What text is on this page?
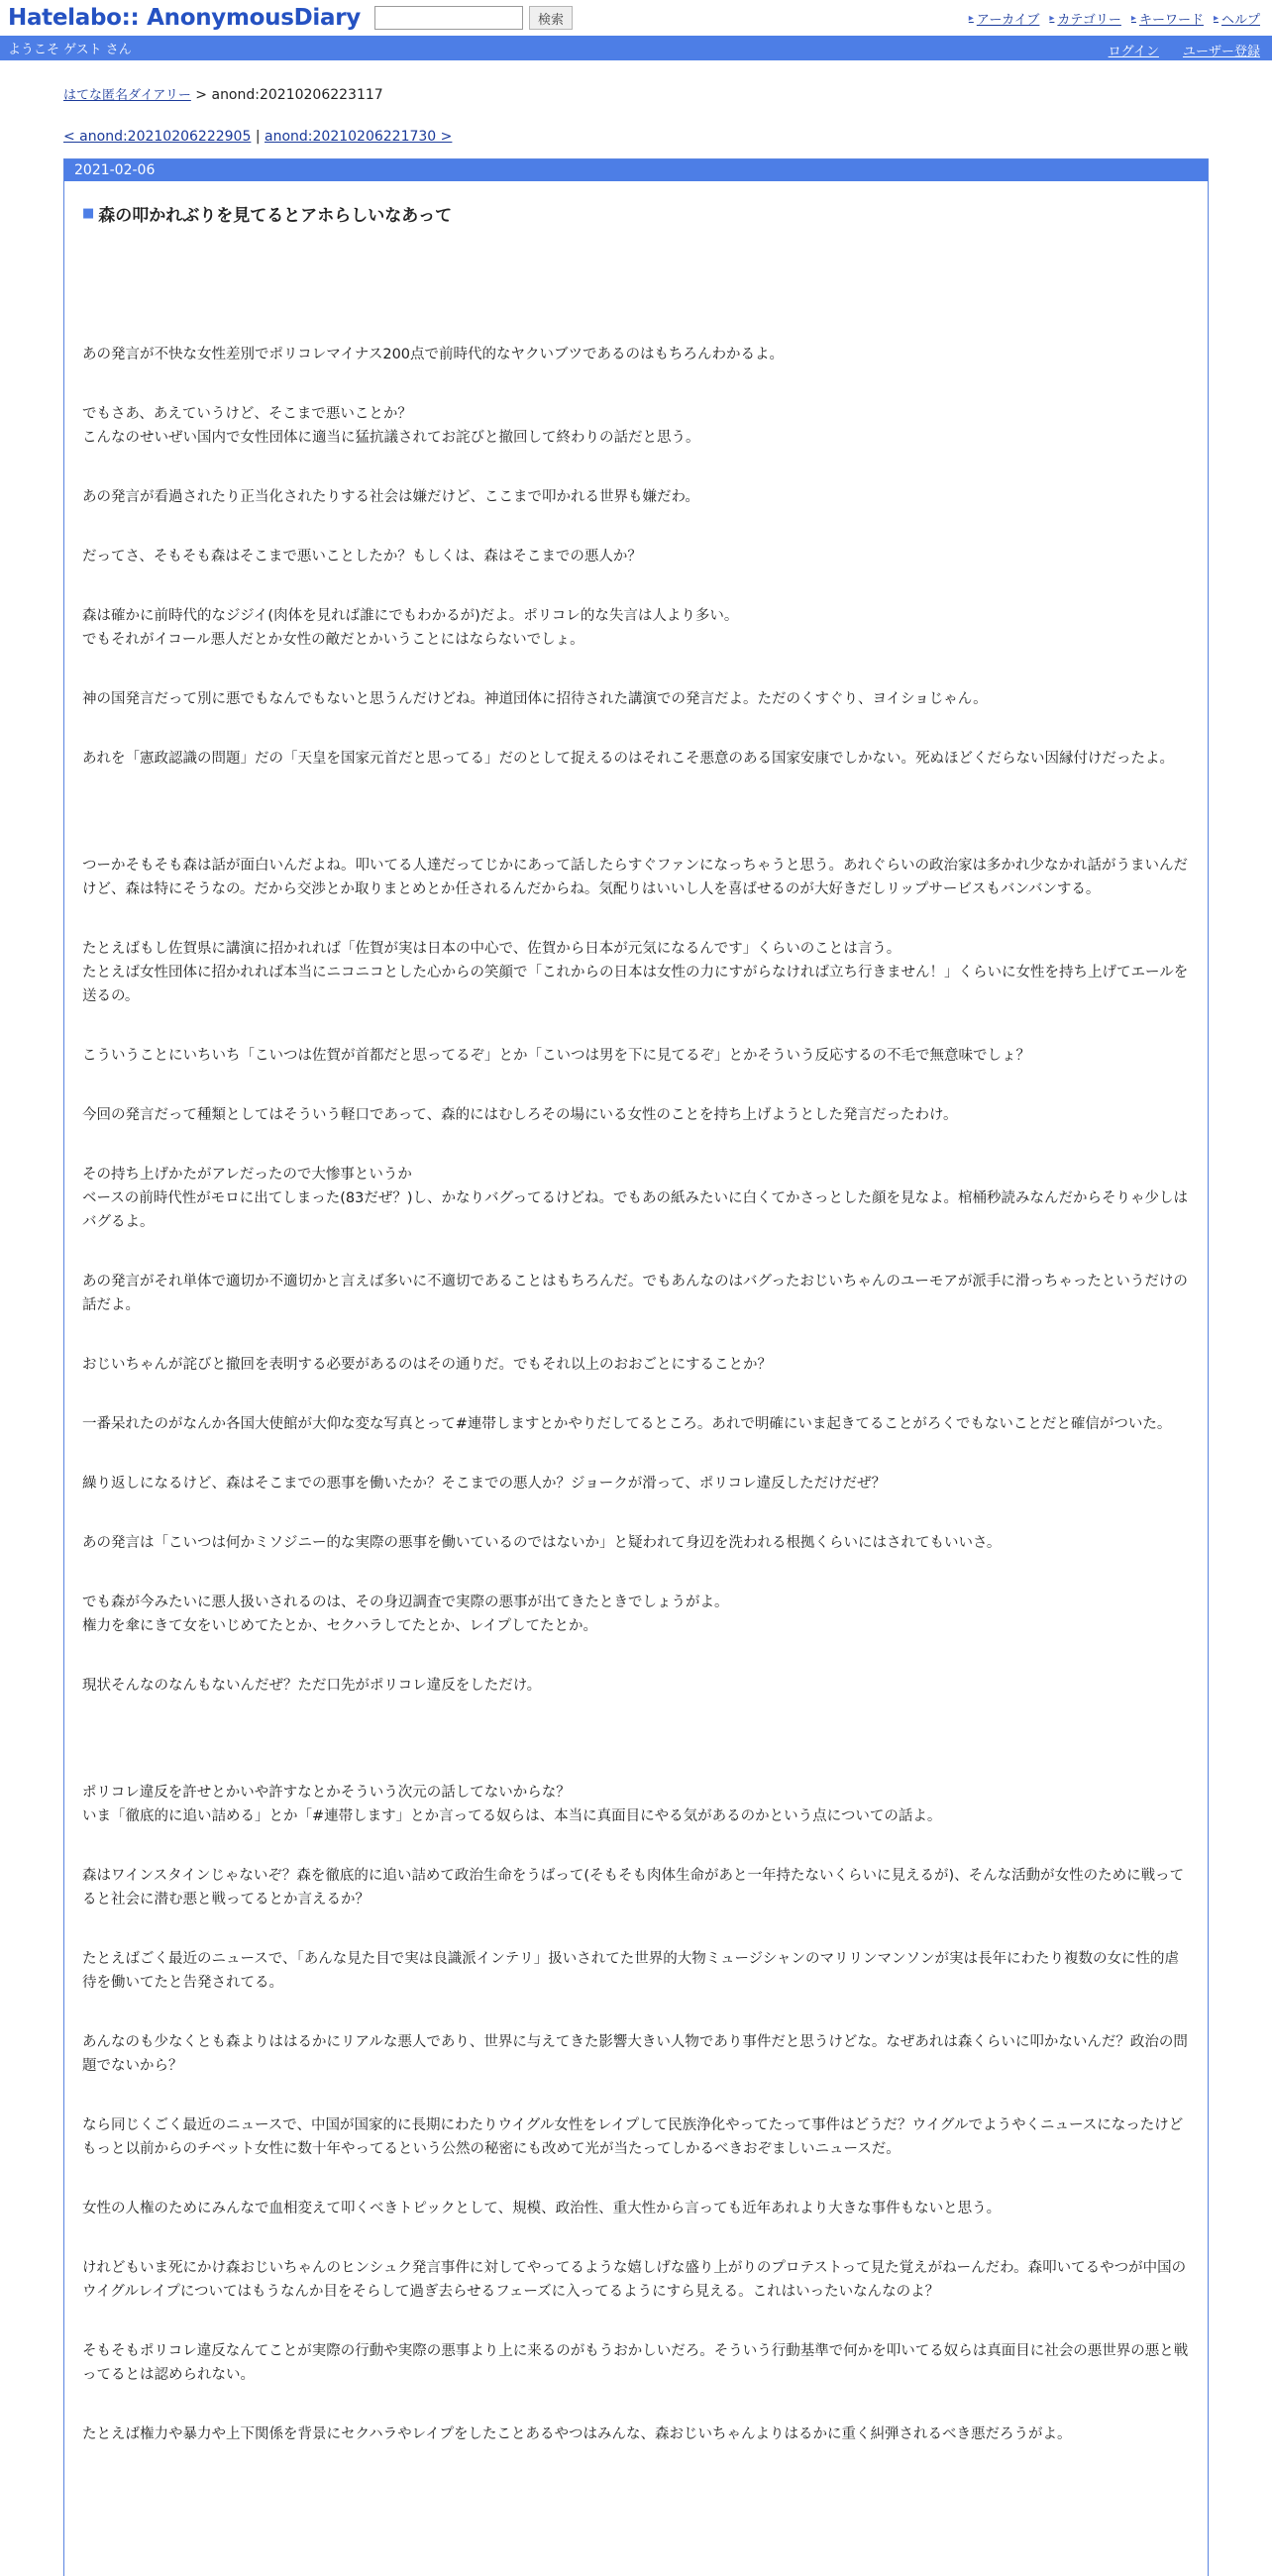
Hatelabo:: AnonymousDiary	検索	▸ アーカイブ ▸ カテゴリー ▸ キーワード ▸ ヘルプ
ようこそ ゲスト さん	ログイン ユーザー登録
はてな匿名ダイアリー > anond:20210206223117
< anond:20210206222905 | anond:20210206221730 >
2021-02-06
■ 森の叩かれぶりを見てるとアホらしいなあって

あの発言が不快な女性差別でポリコレマイナス200点で前時代的なヤクいブツであるのはもちろんわかるよ。

でもさあ、あえていうけど、そこまで悪いことか？
こんなのせいぜい国内で女性団体に適当に猛抗議されてお詫びと撤回して終わりの話だと思う。

あの発言が看過されたり正当化されたりする社会は嫌だけど、ここまで叩かれる世界も嫌だわ。

だってさ、そもそも森はそこまで悪いことしたか？もしくは、森はそこまでの悪人か？

森は確かに前時代的なジジイ(肉体を見れば誰にでもわかるが)だよ。ポリコレ的な失言は人より多い。
でもそれがイコール悪人だとか女性の敵だとかいうことにはならないでしょ。

神の国発言だって別に悪でもなんでもないと思うんだけどね。神道団体に招待された講演での発言だよ。ただのくすぐり、ヨイショじゃん。

あれを「憲政認識の問題」だの「天皇を国家元首だと思ってる」だのとして捉えるのはそれこそ悪意のある国家安康でしかない。死ぬほどくだらない因縁付けだったよ。

つーかそもそも森は話が面白いんだよね。叩いてる人達だってじかにあって話したらすぐファンになっちゃうと思う。あれぐらいの政治家は多かれ少なかれ話がうまいんだけど、森は特にそうなの。だから交渉とか取りまとめとか任されるんだからね。気配りはいいし人を喜ばせるのが大好きだしリップサービスもバンバンする。

たとえばもし佐賀県に講演に招かれれば「佐賀が実は日本の中心で、佐賀から日本が元気になるんです」くらいのことは言う。
たとえば女性団体に招かれれば本当にニコニコとした心からの笑顔で「これからの日本は女性の力にすがらなければ立ち行きません！」くらいに女性を持ち上げてエールを送るの。

こういうことにいちいち「こいつは佐賀が首都だと思ってるぞ」とか「こいつは男を下に見てるぞ」とかそういう反応するの不毛で無意味でしょ？

今回の発言だって種類としてはそういう軽口であって、森的にはむしろその場にいる女性のことを持ち上げようとした発言だったわけ。

その持ち上げかたがアレだったので大惨事というか
ベースの前時代性がモロに出てしまった(83だぜ？)し、かなりバグってるけどね。でもあの紙みたいに白くてかさっとした顔を見なよ。棺桶秒読みなんだからそりゃ少しはバグるよ。

あの発言がそれ単体で適切か不適切かと言えば多いに不適切であることはもちろんだ。でもあんなのはバグったおじいちゃんのユーモアが派手に滑っちゃったというだけの話だよ。

おじいちゃんが詫びと撤回を表明する必要があるのはその通りだ。でもそれ以上のおおごとにすることか？

一番呆れたのがなんか各国大使館が大仰な変な写真とって#連帯しますとかやりだしてるところ。あれで明確にいま起きてることがろくでもないことだと確信がついた。

繰り返しになるけど、森はそこまでの悪事を働いたか？そこまでの悪人か？ジョークが滑って、ポリコレ違反しただけだぜ？

あの発言は「こいつは何かミソジニー的な実際の悪事を働いているのではないか」と疑われて身辺を洗われる根拠くらいにはされてもいいさ。

でも森が今みたいに悪人扱いされるのは、その身辺調査で実際の悪事が出てきたときでしょうがよ。
権力を傘にきて女をいじめてたとか、セクハラしてたとか、レイプしてたとか。

現状そんなのなんもないんだぜ？ただ口先がポリコレ違反をしただけ。

ポリコレ違反を許せとかいや許すなとかそういう次元の話してないからな？
いま「徹底的に追い詰める」とか「#連帯します」とか言ってる奴らは、本当に真面目にやる気があるのかという点についての話よ。

森はワインスタインじゃないぞ？森を徹底的に追い詰めて政治生命をうばって(そもそも肉体生命があと一年持たないくらいに見えるが)、そんな活動が女性のために戦ってると社会に潜む悪と戦ってるとか言えるか？

たとえばごく最近のニュースで、「あんな見た目で実は良識派インテリ」扱いされてた世界的大物ミュージシャンのマリリンマンソンが実は長年にわたり複数の女に性的虐待を働いてたと告発されてる。

あんなのも少なくとも森よりははるかにリアルな悪人であり、世界に与えてきた影響大きい人物であり事件だと思うけどな。なぜあれは森くらいに叩かないんだ？政治の問題でないから？

なら同じくごく最近のニュースで、中国が国家的に長期にわたりウイグル女性をレイプして民族浄化やってたって事件はどうだ？ウイグルでようやくニュースになったけどもっと以前からのチベット女性に数十年やってるという公然の秘密にも改めて光が当たってしかるべきおぞましいニュースだ。

女性の人権のためにみんなで血相変えて叩くべきトピックとして、規模、政治性、重大性から言っても近年あれより大きな事件もないと思う。

けれどもいま死にかけ森おじいちゃんのヒンシュク発言事件に対してやってるような嬉しげな盛り上がりのプロテストって見た覚えがねーんだわ。森叩いてるやつが中国のウイグルレイプについてはもうなんか目をそらして過ぎ去らせるフェーズに入ってるようにすら見える。これはいったいなんなのよ？

そもそもポリコレ違反なんてことが実際の行動や実際の悪事より上に来るのがもうおかしいだろ。そういう行動基準で何かを叩いてる奴らは真面目に社会の悪世界の悪と戦ってるとは認められない。

たとえば権力や暴力や上下関係を背景にセクハラやレイプをしたことあるやつはみんな、森おじいちゃんよりはるかに重く糾弾されるべき悪だろうがよ。
